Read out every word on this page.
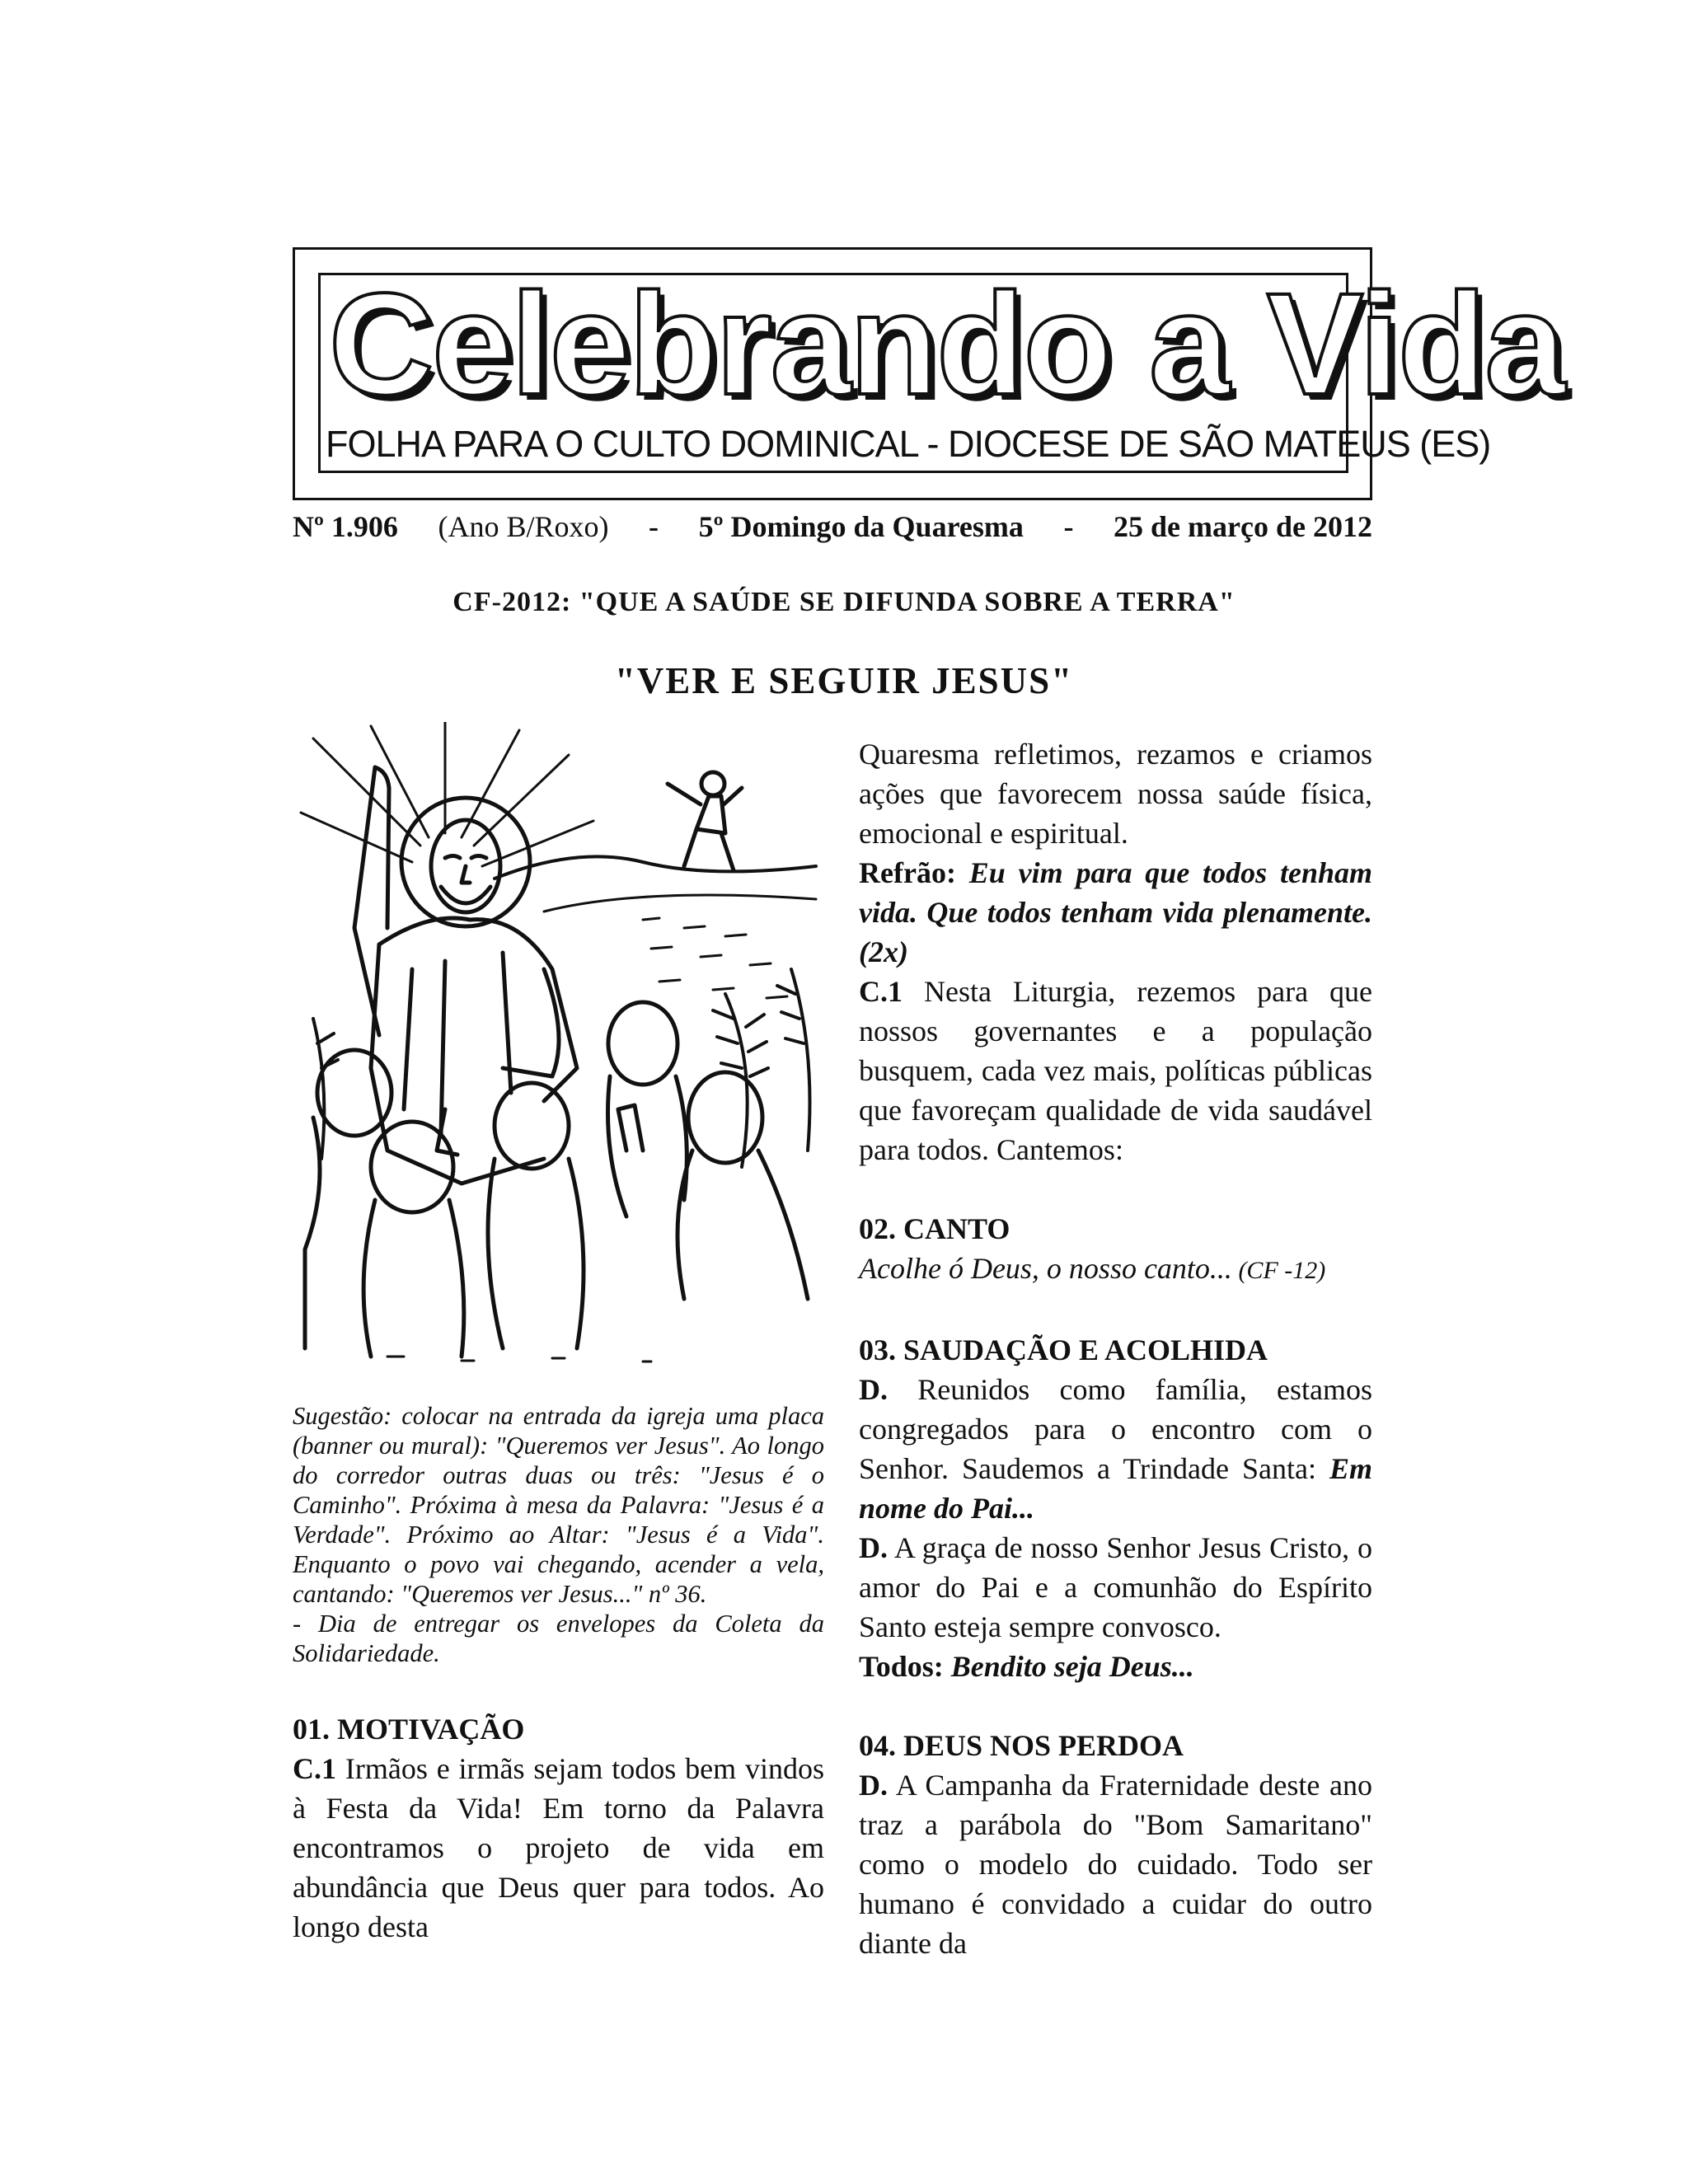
Celebrando a Vida
FOLHA PARA O CULTO DOMINICAL - DIOCESE DE SÃO MATEUS (ES)
Nº 1.906 (Ano B/Roxo) - 5º Domingo da Quaresma - 25 de março de 2012
CF-2012: "QUE A SAÚDE SE DIFUNDA SOBRE A TERRA"
"VER E SEGUIR JESUS"

Sugestão: colocar na entrada da igreja uma placa (banner ou mural): "Queremos ver Jesus". Ao longo do corredor outras duas ou três: "Jesus é o Caminho". Próxima à mesa da Palavra: "Jesus é a Verdade". Próximo ao Altar: "Jesus é a Vida". Enquanto o povo vai chegando, acender a vela, cantando: "Queremos ver Jesus..." nº 36.

- Dia de entregar os envelopes da Coleta da Solidariedade.

01. MOTIVAÇÃO

C.1 Irmãos e irmãs sejam todos bem vindos à Festa da Vida! Em torno da Palavra encontramos o projeto de vida em abundância que Deus quer para todos. Ao longo desta

Quaresma refletimos, rezamos e criamos ações que favorecem nossa saúde física, emocional e espiritual.

Refrão: Eu vim para que todos tenham vida. Que todos tenham vida plenamente. (2x)

C.1 Nesta Liturgia, rezemos para que nossos governantes e a população busquem, cada vez mais, políticas públicas que favoreçam qualidade de vida saudável para todos. Cantemos:

02. CANTO

Acolhe ó Deus, o nosso canto... (CF -12)

03. SAUDAÇÃO E ACOLHIDA

D. Reunidos como família, estamos congregados para o encontro com o Senhor. Saudemos a Trindade Santa: Em nome do Pai...

D. A graça de nosso Senhor Jesus Cristo, o amor do Pai e a comunhão do Espírito Santo esteja sempre convosco.

Todos: Bendito seja Deus...

04. DEUS NOS PERDOA

D. A Campanha da Fraternidade deste ano traz a parábola do "Bom Samaritano" como o modelo do cuidado. Todo ser humano é convidado a cuidar do outro diante da
